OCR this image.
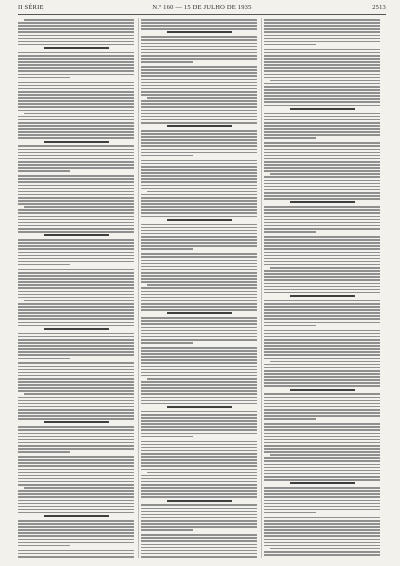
II SÉRIE	N.º 160 — 15 DE JULHO DE 1935	2513
